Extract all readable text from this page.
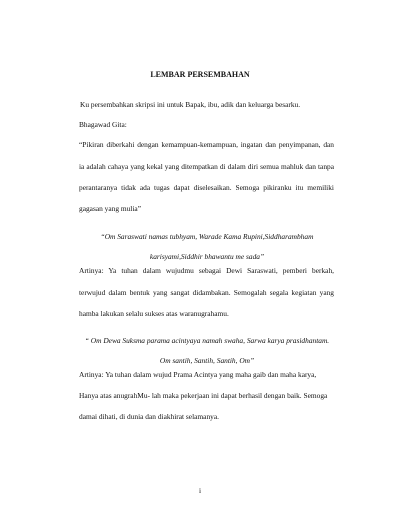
LEMBAR PERSEMBAHAN
Ku persembahkan skripsi ini untuk Bapak, ibu, adik dan keluarga besarku.
Bhagawad Gita:
“Pikiran diberkahi dengan kemampuan-kemampuan, ingatan dan penyimpanan, dan
ia adalah cahaya yang kekal yang ditempatkan di dalam diri semua mahluk dan tanpa
perantaranya tidak ada tugas dapat diselesaikan. Semoga pikiranku itu memiliki
gagasan yang mulia”
“Om Saraswati namas tubhyam, Warade Kama Rupini,Siddharambham
karisyami,Siddhir bhawantu me sada”
Artinya: Ya tuhan dalam wujudmu sebagai Dewi Saraswati, pemberi berkah,
terwujud dalam bentuk yang sangat didambakan. Semogalah segala kegiatan yang
hamba lakukan selalu sukses atas waranugrahamu.
“ Om Dewa Suksma parama acintyaya namah swaha, Sarwa karya prasidhantam.
Om santih, Santih, Santih, Om”
Artinya: Ya tuhan dalam wujud Prama Acintya yang maha gaib dan maha karya,
Hanya atas anugrahMu- lah maka pekerjaan ini dapat berhasil dengan baik. Semoga
damai dihati, di dunia dan diakhirat selamanya.
i
